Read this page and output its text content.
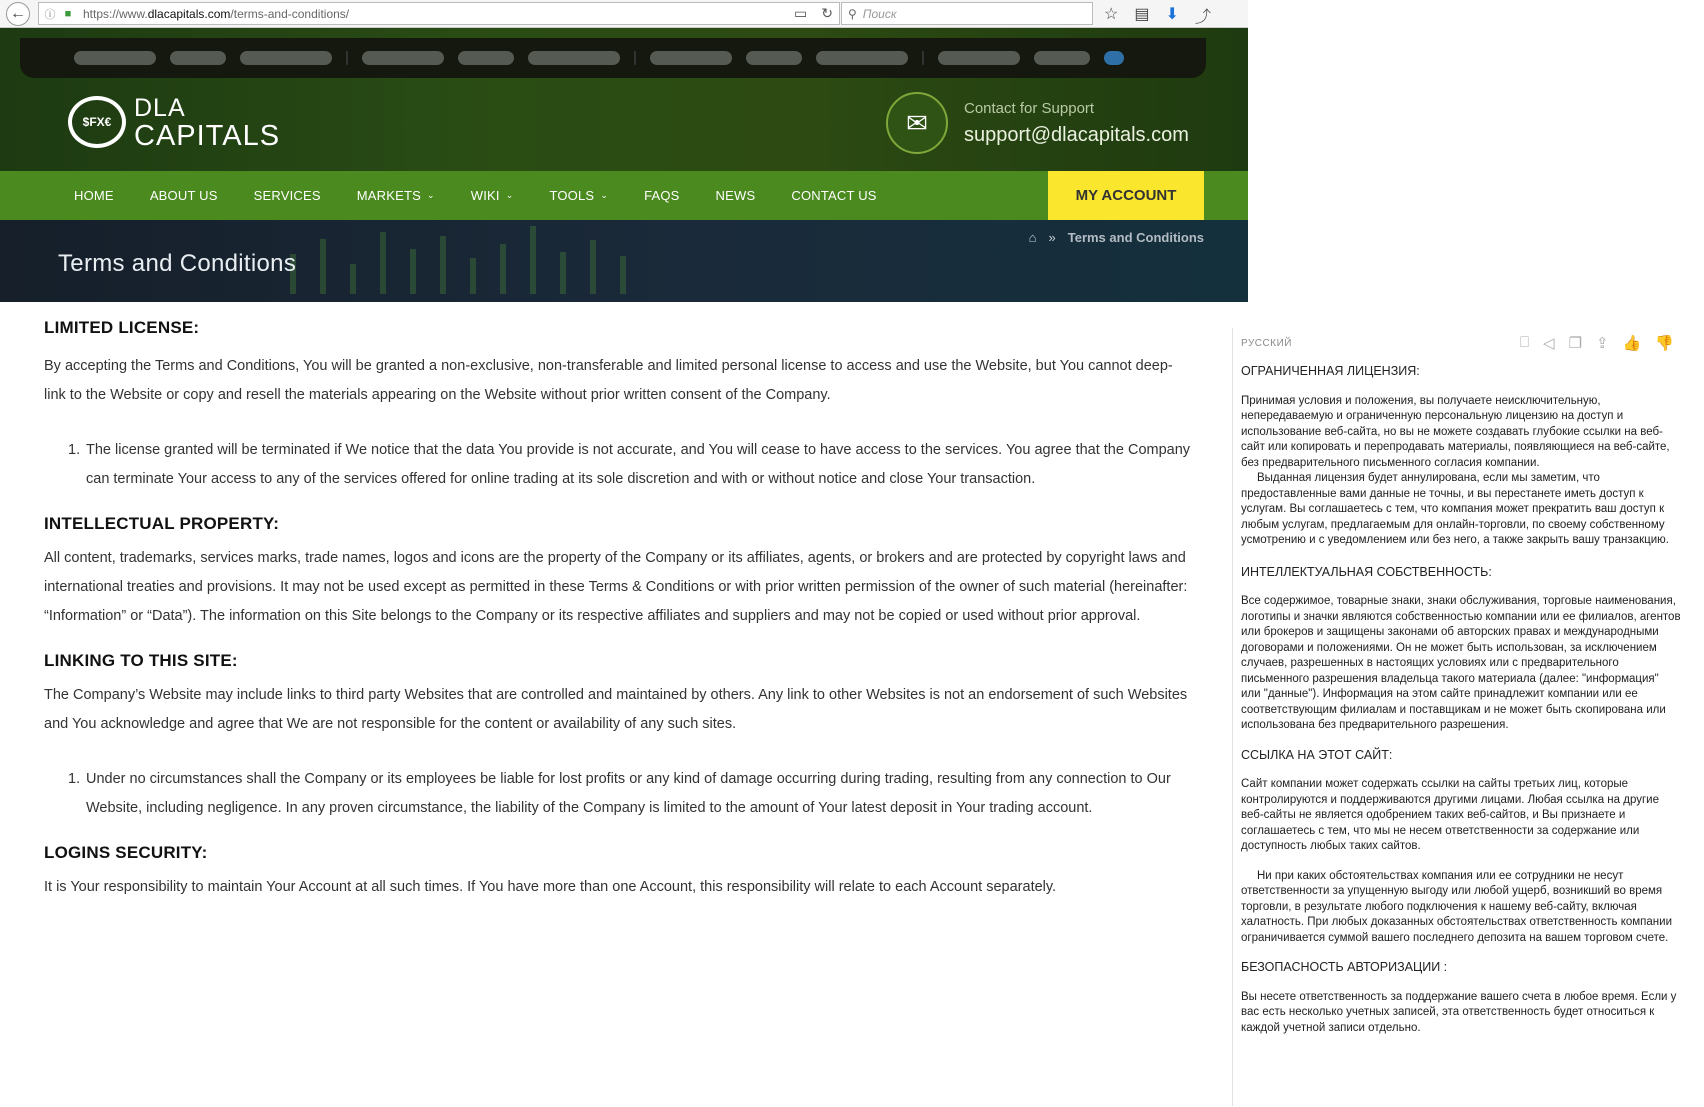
←	ⓘ ■ https://www.dlacapitals.com/terms-and-conditions/	▭ ↻ ⚲ Поиск	☆ ▤ ⬇ ⤴
$FX€ DLA
CAPITALS	✉	Contact for Support
support@dlacapitals.com
HOME	ABOUT US	SERVICES	MARKETS ⌄	WIKI ⌄	TOOLS ⌄	FAQS	NEWS	CONTACT US	MY ACCOUNT
Terms and Conditions
⌂ » Terms and Conditions
LIMITED LICENSE:

By accepting the Terms and Conditions, You will be granted a non-exclusive, non-transferable and limited personal license to access and use the Website, but You cannot deep-link to the Website or copy and resell the materials appearing on the Website without prior written consent of the Company.

1. The license granted will be terminated if We notice that the data You provide is not accurate, and You will cease to have access to the services. You agree that the Company can terminate Your access to any of the services offered for online trading at its sole discretion and with or without notice and close Your transaction.

INTELLECTUAL PROPERTY:

All content, trademarks, services marks, trade names, logos and icons are the property of the Company or its affiliates, agents, or brokers and are protected by copyright laws and international treaties and provisions. It may not be used except as permitted in these Terms & Conditions or with prior written permission of the owner of such material (hereinafter: “Information” or “Data”). The information on this Site belongs to the Company or its respective affiliates and suppliers and may not be copied or used without prior approval.

LINKING TO THIS SITE:

The Company’s Website may include links to third party Websites that are controlled and maintained by others. Any link to other Websites is not an endorsement of such Websites and You acknowledge and agree that We are not responsible for the content or availability of any such sites.

1. Under no circumstances shall the Company or its employees be liable for lost profits or any kind of damage occurring during trading, resulting from any connection to Our Website, including negligence. In any proven circumstance, the liability of the Company is limited to the amount of Your latest deposit in Your trading account.

LOGINS SECURITY:

It is Your responsibility to maintain Your Account at all such times. If You have more than one Account, this responsibility will relate to each Account separately.

РУССКИЙ	⎕ ◁ ❐ ⇪ 👍 👎
ОГРАНИЧЕННАЯ ЛИЦЕНЗИЯ:
Принимая условия и положения, вы получаете неисключительную, непередаваемую и ограниченную персональную лицензию на доступ и использование веб-сайта, но вы не можете создавать глубокие ссылки на веб-сайт или копировать и перепродавать материалы, появляющиеся на веб-сайте, без предварительного письменного согласия компании.
Выданная лицензия будет аннулирована, если мы заметим, что предоставленные вами данные не точны, и вы перестанете иметь доступ к услугам. Вы соглашаетесь с тем, что компания может прекратить ваш доступ к любым услугам, предлагаемым для онлайн-торговли, по своему собственному усмотрению и с уведомлением или без него, а также закрыть вашу транзакцию.
ИНТЕЛЛЕКТУАЛЬНАЯ СОБСТВЕННОСТЬ:
Все содержимое, товарные знаки, знаки обслуживания, торговые наименования, логотипы и значки являются собственностью компании или ее филиалов, агентов или брокеров и защищены законами об авторских правах и международными договорами и положениями. Он не может быть использован, за исключением случаев, разрешенных в настоящих условиях или с предварительного письменного разрешения владельца такого материала (далее: "информация" или "данные"). Информация на этом сайте принадлежит компании или ее соответствующим филиалам и поставщикам и не может быть скопирована или использована без предварительного разрешения.
ССЫЛКА НА ЭТОТ САЙТ:
Сайт компании может содержать ссылки на сайты третьих лиц, которые контролируются и поддерживаются другими лицами. Любая ссылка на другие веб-сайты не является одобрением таких веб-сайтов, и Вы признаете и соглашаетесь с тем, что мы не несем ответственности за содержание или доступность любых таких сайтов.
Ни при каких обстоятельствах компания или ее сотрудники не несут ответственности за упущенную выгоду или любой ущерб, возникший во время торговли, в результате любого подключения к нашему веб-сайту, включая халатность. При любых доказанных обстоятельствах ответственность компании ограничивается суммой вашего последнего депозита на вашем торговом счете.
БЕЗОПАСНОСТЬ АВТОРИЗАЦИИ :
Вы несете ответственность за поддержание вашего счета в любое время. Если у вас есть несколько учетных записей, эта ответственность будет относиться к каждой учетной записи отдельно.
